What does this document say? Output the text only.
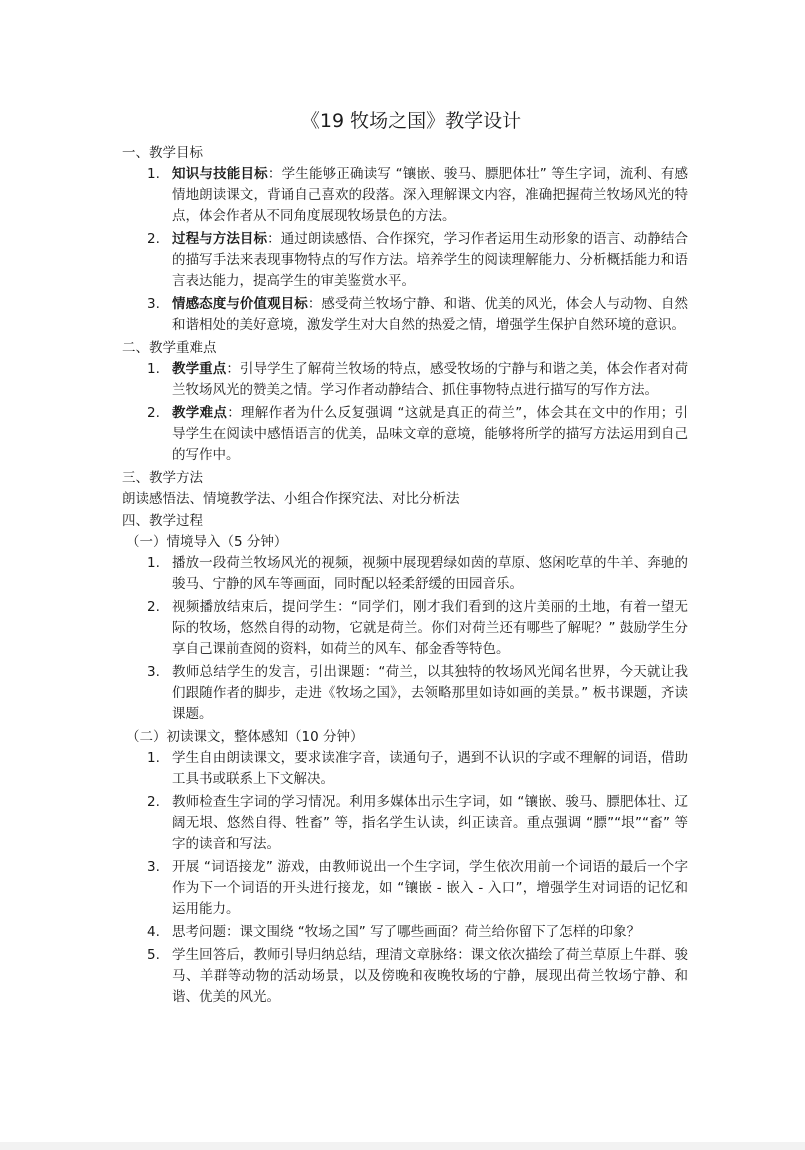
《19 牧场之国》教学设计
一、教学目标
1. 知识与技能目标：学生能够正确读写 “镶嵌、骏马、膘肥体壮” 等生字词，流利、有感情地朗读课文，背诵自己喜欢的段落。深入理解课文内容，准确把握荷兰牧场风光的特点，体会作者从不同角度展现牧场景色的方法。
2. 过程与方法目标：通过朗读感悟、合作探究，学习作者运用生动形象的语言、动静结合的描写手法来表现事物特点的写作方法。培养学生的阅读理解能力、分析概括能力和语言表达能力，提高学生的审美鉴赏水平。
3. 情感态度与价值观目标：感受荷兰牧场宁静、和谐、优美的风光，体会人与动物、自然和谐相处的美好意境，激发学生对大自然的热爱之情，增强学生保护自然环境的意识。
二、教学重难点
1. 教学重点：引导学生了解荷兰牧场的特点，感受牧场的宁静与和谐之美，体会作者对荷兰牧场风光的赞美之情。学习作者动静结合、抓住事物特点进行描写的写作方法。
2. 教学难点：理解作者为什么反复强调 “这就是真正的荷兰”，体会其在文中的作用；引导学生在阅读中感悟语言的优美，品味文章的意境，能够将所学的描写方法运用到自己的写作中。
三、教学方法
朗读感悟法、情境教学法、小组合作探究法、对比分析法
四、教学过程
（一）情境导入（5 分钟）
1. 播放一段荷兰牧场风光的视频，视频中展现碧绿如茵的草原、悠闲吃草的牛羊、奔驰的骏马、宁静的风车等画面，同时配以轻柔舒缓的田园音乐。
2. 视频播放结束后，提问学生：“同学们，刚才我们看到的这片美丽的土地，有着一望无际的牧场，悠然自得的动物，它就是荷兰。你们对荷兰还有哪些了解呢？” 鼓励学生分享自己课前查阅的资料，如荷兰的风车、郁金香等特色。
3. 教师总结学生的发言，引出课题：“荷兰，以其独特的牧场风光闻名世界，今天就让我们跟随作者的脚步，走进《牧场之国》，去领略那里如诗如画的美景。” 板书课题，齐读课题。
（二）初读课文，整体感知（10 分钟）
1. 学生自由朗读课文，要求读准字音，读通句子，遇到不认识的字或不理解的词语，借助工具书或联系上下文解决。
2. 教师检查生字词的学习情况。利用多媒体出示生字词，如 “镶嵌、骏马、膘肥体壮、辽阔无垠、悠然自得、牲畜” 等，指名学生认读，纠正读音。重点强调 “膘”“垠”“畜” 等字的读音和写法。
3. 开展 “词语接龙” 游戏，由教师说出一个生字词，学生依次用前一个词语的最后一个字作为下一个词语的开头进行接龙，如 “镶嵌 - 嵌入 - 入口”，增强学生对词语的记忆和运用能力。
4. 思考问题：课文围绕 “牧场之国” 写了哪些画面？荷兰给你留下了怎样的印象？
5. 学生回答后，教师引导归纳总结，理清文章脉络：课文依次描绘了荷兰草原上牛群、骏马、羊群等动物的活动场景，以及傍晚和夜晚牧场的宁静，展现出荷兰牧场宁静、和谐、优美的风光。
